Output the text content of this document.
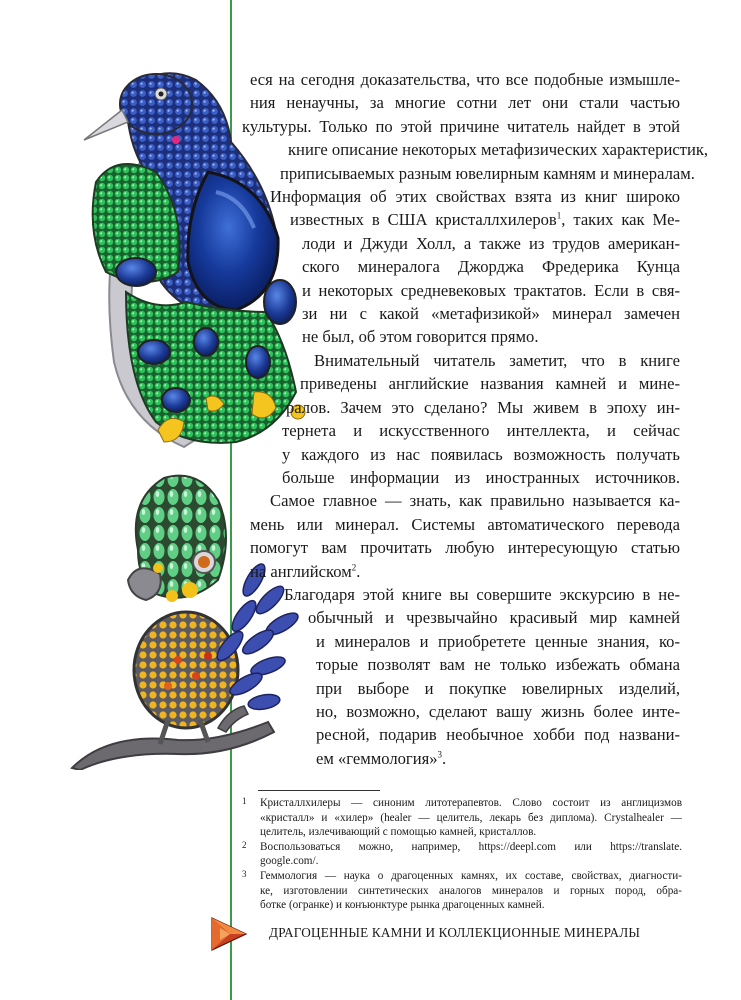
еся на сегодня доказательства, что все подобные измышле-
ния ненаучны, за многие сотни лет они стали частью
культуры. Только по этой причине читатель найдет в этой
книге описание некоторых метафизических характеристик,
приписываемых разным ювелирным камням и минералам.
Информация об этих свойствах взята из книг широко
известных в США кристаллхилеров$^1$, таких как Ме-
лоди и Джуди Холл, а также из трудов американ-
ского минералога Джорджа Фредерика Кунца
и некоторых средневековых трактатов. Если в свя-
зи ни с какой «метафизикой» минерал замечен
не был, об этом говорится прямо.
Внимательный читатель заметит, что в книге
приведены английские названия камней и мине-
ралов. Зачем это сделано? Мы живем в эпоху ин-
тернета и искусственного интеллекта, и сейчас
у каждого из нас появилась возможность получать
больше информации из иностранных источников.
Самое главное — знать, как правильно называется ка-
мень или минерал. Системы автоматического перевода
помогут вам прочитать любую интересующую статью
на английском$^2$.
Благодаря этой книге вы совершите экскурсию в не-
обычный и чрезвычайно красивый мир камней
и минералов и приобретете ценные знания, ко-
торые позволят вам не только избежать обмана
при выборе и покупке ювелирных изделий,
но, возможно, сделают вашу жизнь более инте-
ресной, подарив необычное хобби под названи-
ем «геммология»$^3$.
1 Кристаллхилеры — синоним литотерапевтов. Слово состоит из англицизмов
«кристалл» и «хилер» (healer — целитель, лекарь без диплома). Crystalhealer —
целитель, излечивающий с помощью камней, кристаллов.
2 Воспользоваться можно, например, https://deepl.com или https://translate.
google.com/.
3 Геммология — наука о драгоценных камнях, их составе, свойствах, диагности-
ке, изготовлении синтетических аналогов минералов и горных пород, обра-
ботке (огранке) и конъюнктуре рынка драгоценных камней.
ДРАГОЦЕННЫЕ КАМНИ И КОЛЛЕКЦИОННЫЕ МИНЕРАЛЫ
